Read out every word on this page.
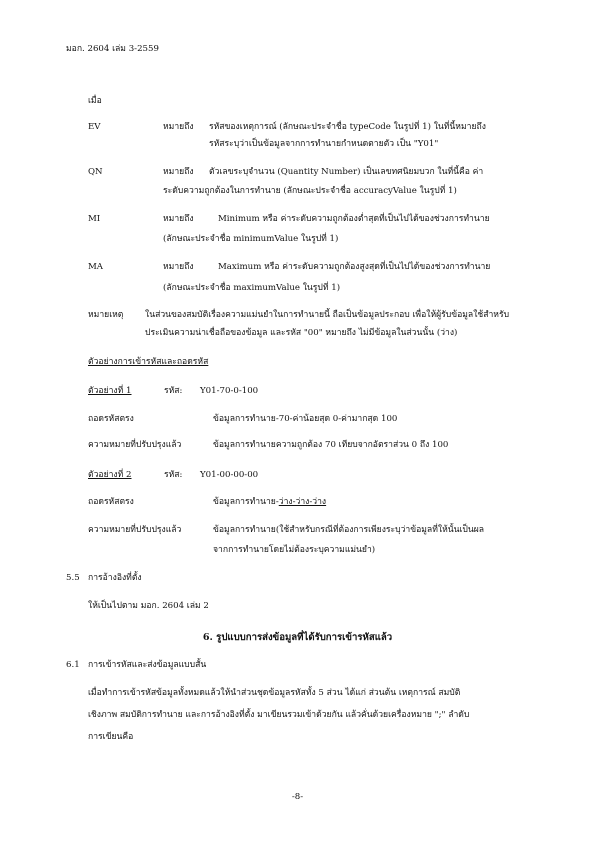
มอก. 2604 เล่ม 3-2559
เมื่อ
EV	หมายถึง รหัสของเหตุการณ์ (ลักษณะประจำชื่อ typeCode ในรูปที่ 1) ในที่นี้หมายถึง
รหัสระบุว่าเป็นข้อมูลจากการทำนายกำหนดตายตัว เป็น "Y01"
QN	หมายถึง ตัวเลขระบุจำนวน (Quantity Number) เป็นเลขทศนิยมบวก ในที่นี้คือ ค่า
ระดับความถูกต้องในการทำนาย (ลักษณะประจำชื่อ accuracyValue ในรูปที่ 1)
MI	หมายถึง	Minimum หรือ ค่าระดับความถูกต้องต่ำสุดที่เป็นไปได้ของช่วงการทำนาย
(ลักษณะประจำชื่อ minimumValue ในรูปที่ 1)
MA	หมายถึง	Maximum หรือ ค่าระดับความถูกต้องสูงสุดที่เป็นไปได้ของช่วงการทำนาย
(ลักษณะประจำชื่อ maximumValue ในรูปที่ 1)
หมายเหตุ	ในส่วนของสมบัติเรื่องความแม่นยำในการทำนายนี้ ถือเป็นข้อมูลประกอบ เพื่อให้ผู้รับข้อมูลใช้สำหรับ
ประเมินความน่าเชื่อถือของข้อมูล และรหัส "00" หมายถึง ไม่มีข้อมูลในส่วนนั้น (ว่าง)
ตัวอย่างการเข้ารหัสและถอดรหัส
ตัวอย่างที่ 1	รหัส: Y01-70-0-100
ถอดรหัสตรง	ข้อมูลการทำนาย-70-ค่าน้อยสุด 0-ค่ามากสุด 100
ความหมายที่ปรับปรุงแล้ว	ข้อมูลการทำนายความถูกต้อง 70 เทียบจากอัตราส่วน 0 ถึง 100
ตัวอย่างที่ 2	รหัส: Y01-00-00-00
ถอดรหัสตรง	ข้อมูลการทำนาย-ว่าง-ว่าง-ว่าง
ความหมายที่ปรับปรุงแล้ว	ข้อมูลการทำนาย(ใช้สำหรับกรณีที่ต้องการเพียงระบุว่าข้อมูลที่ให้นั้นเป็นผล
จากการทำนายโดยไม่ต้องระบุความแม่นยำ)
5.5 การอ้างอิงที่ตั้ง
ให้เป็นไปตาม มอก. 2604 เล่ม 2
6. รูปแบบการส่งข้อมูลที่ได้รับการเข้ารหัสแล้ว
6.1 การเข้ารหัสและส่งข้อมูลแบบสั้น
เมื่อทำการเข้ารหัสข้อมูลทั้งหมดแล้วให้นำส่วนชุดข้อมูลรหัสทั้ง 5 ส่วน ได้แก่ ส่วนต้น เหตุการณ์ สมบัติ
เชิงภาพ สมบัติการทำนาย และการอ้างอิงที่ตั้ง มาเขียนรวมเข้าด้วยกัน แล้วคั่นด้วยเครื่องหมาย ";" ลำดับ
การเขียนคือ
-8-
